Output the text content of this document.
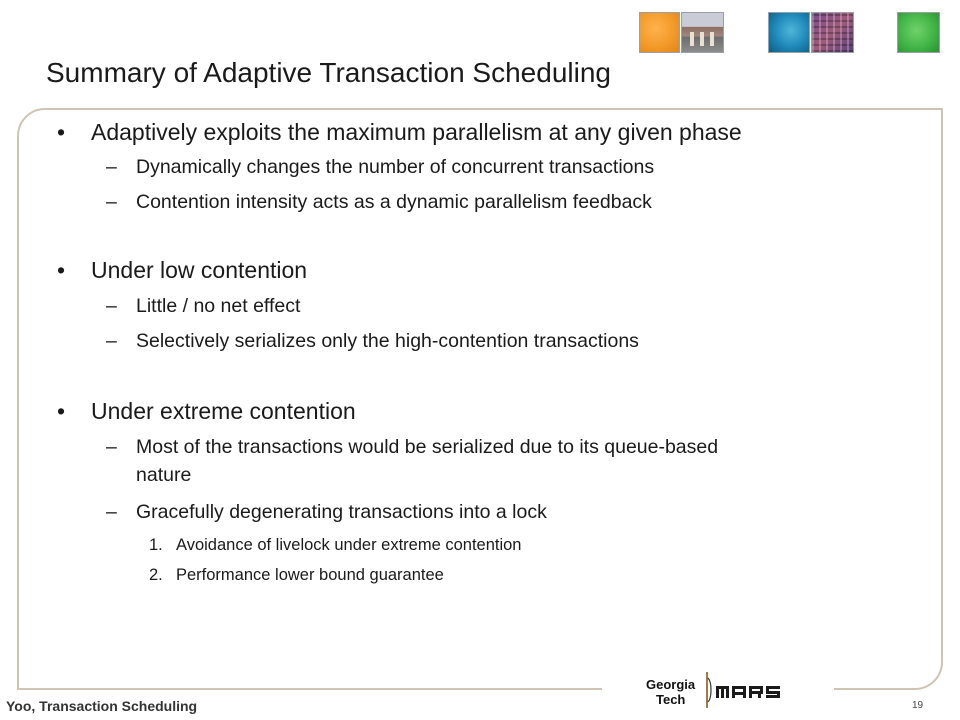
Summary of Adaptive Transaction Scheduling
• Adaptively exploits the maximum parallelism at any given phase
– Dynamically changes the number of concurrent transactions
– Contention intensity acts as a dynamic parallelism feedback
• Under low contention
– Little / no net effect
– Selectively serializes only the high-contention transactions
• Under extreme contention
– Most of the transactions would be serialized due to its queue-based
nature
– Gracefully degenerating transactions into a lock
1. Avoidance of livelock under extreme contention
2. Performance lower bound guarantee
Georgia
Tech
Yoo, Transaction Scheduling	19
